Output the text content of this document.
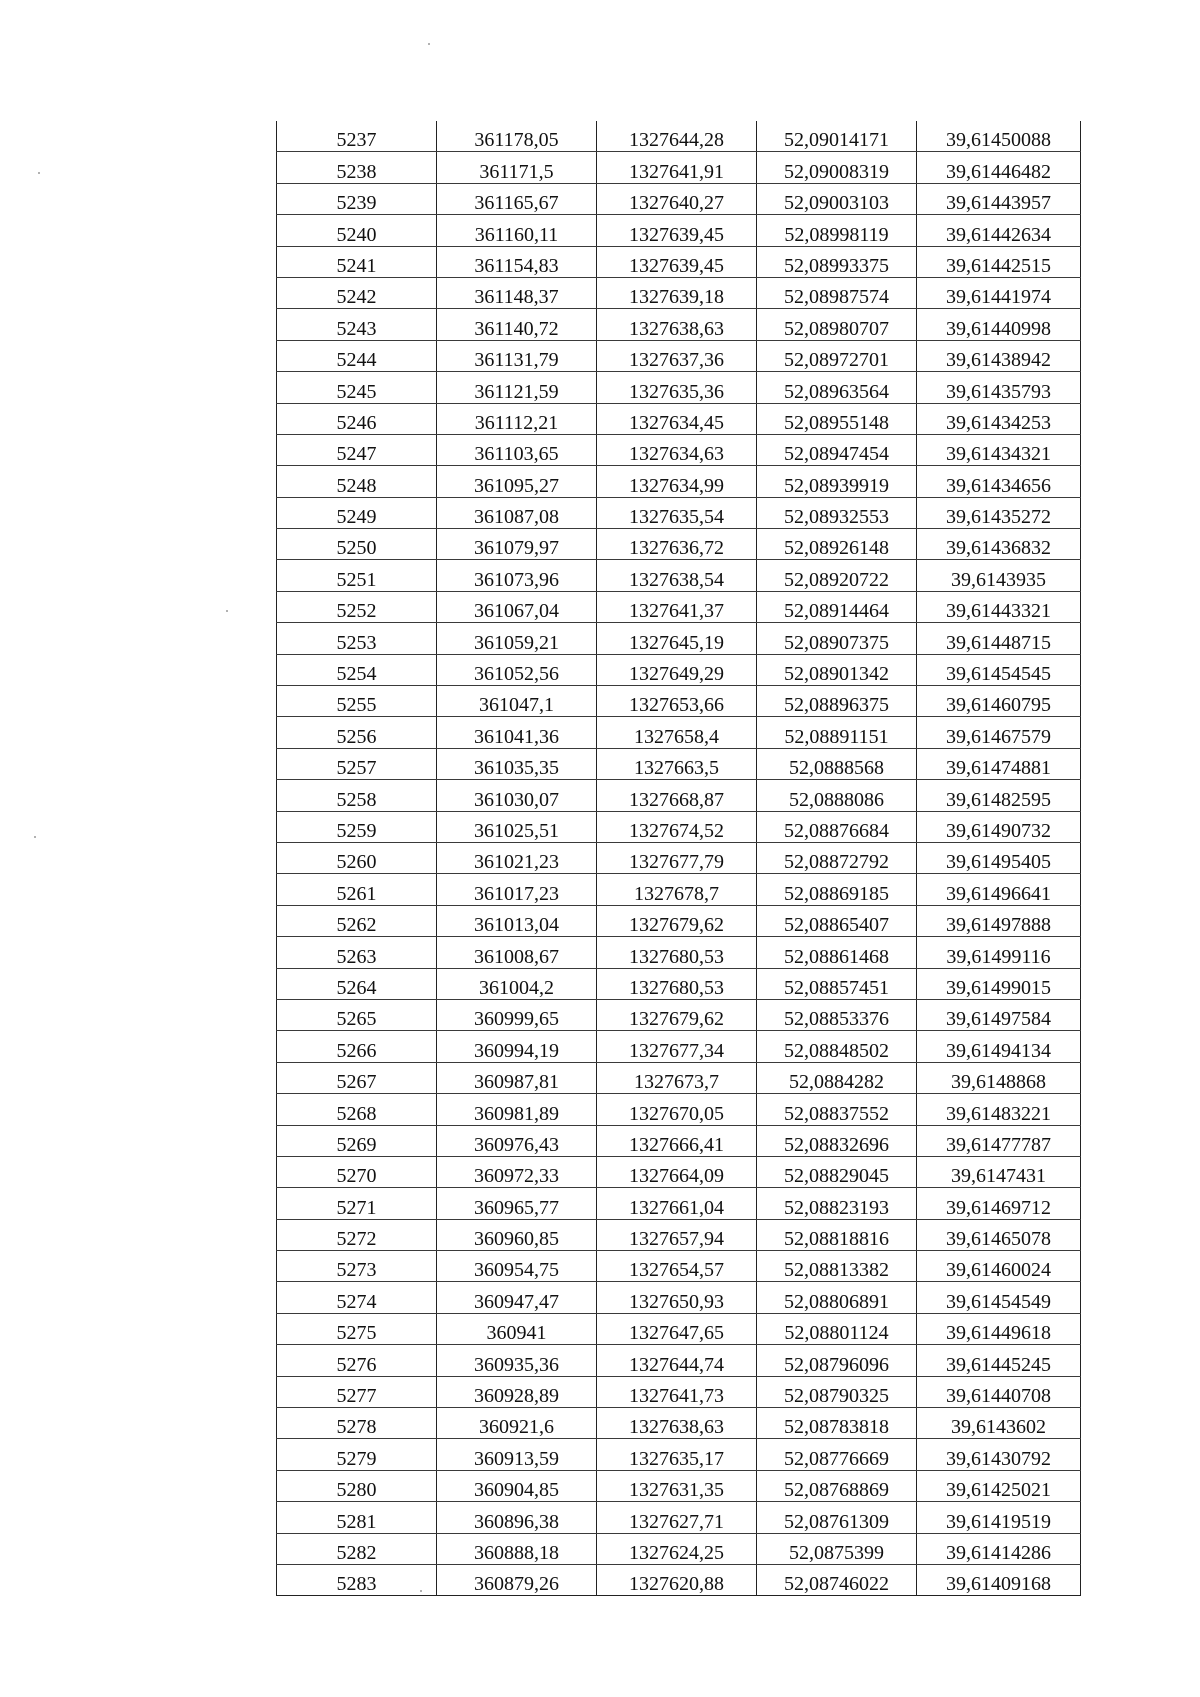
5237	361178,05	1327644,28	52,09014171	39,61450088
5238	361171,5	1327641,91	52,09008319	39,61446482
5239	361165,67	1327640,27	52,09003103	39,61443957
5240	361160,11	1327639,45	52,08998119	39,61442634
5241	361154,83	1327639,45	52,08993375	39,61442515
5242	361148,37	1327639,18	52,08987574	39,61441974
5243	361140,72	1327638,63	52,08980707	39,61440998
5244	361131,79	1327637,36	52,08972701	39,61438942
5245	361121,59	1327635,36	52,08963564	39,61435793
5246	361112,21	1327634,45	52,08955148	39,61434253
5247	361103,65	1327634,63	52,08947454	39,61434321
5248	361095,27	1327634,99	52,08939919	39,61434656
5249	361087,08	1327635,54	52,08932553	39,61435272
5250	361079,97	1327636,72	52,08926148	39,61436832
5251	361073,96	1327638,54	52,08920722	39,6143935
5252	361067,04	1327641,37	52,08914464	39,61443321
5253	361059,21	1327645,19	52,08907375	39,61448715
5254	361052,56	1327649,29	52,08901342	39,61454545
5255	361047,1	1327653,66	52,08896375	39,61460795
5256	361041,36	1327658,4	52,08891151	39,61467579
5257	361035,35	1327663,5	52,0888568	39,61474881
5258	361030,07	1327668,87	52,0888086	39,61482595
5259	361025,51	1327674,52	52,08876684	39,61490732
5260	361021,23	1327677,79	52,08872792	39,61495405
5261	361017,23	1327678,7	52,08869185	39,61496641
5262	361013,04	1327679,62	52,08865407	39,61497888
5263	361008,67	1327680,53	52,08861468	39,61499116
5264	361004,2	1327680,53	52,08857451	39,61499015
5265	360999,65	1327679,62	52,08853376	39,61497584
5266	360994,19	1327677,34	52,08848502	39,61494134
5267	360987,81	1327673,7	52,0884282	39,6148868
5268	360981,89	1327670,05	52,08837552	39,61483221
5269	360976,43	1327666,41	52,08832696	39,61477787
5270	360972,33	1327664,09	52,08829045	39,6147431
5271	360965,77	1327661,04	52,08823193	39,61469712
5272	360960,85	1327657,94	52,08818816	39,61465078
5273	360954,75	1327654,57	52,08813382	39,61460024
5274	360947,47	1327650,93	52,08806891	39,61454549
5275	360941	1327647,65	52,08801124	39,61449618
5276	360935,36	1327644,74	52,08796096	39,61445245
5277	360928,89	1327641,73	52,08790325	39,61440708
5278	360921,6	1327638,63	52,08783818	39,6143602
5279	360913,59	1327635,17	52,08776669	39,61430792
5280	360904,85	1327631,35	52,08768869	39,61425021
5281	360896,38	1327627,71	52,08761309	39,61419519
5282	360888,18	1327624,25	52,0875399	39,61414286
5283	360879,26	1327620,88	52,08746022	39,61409168
